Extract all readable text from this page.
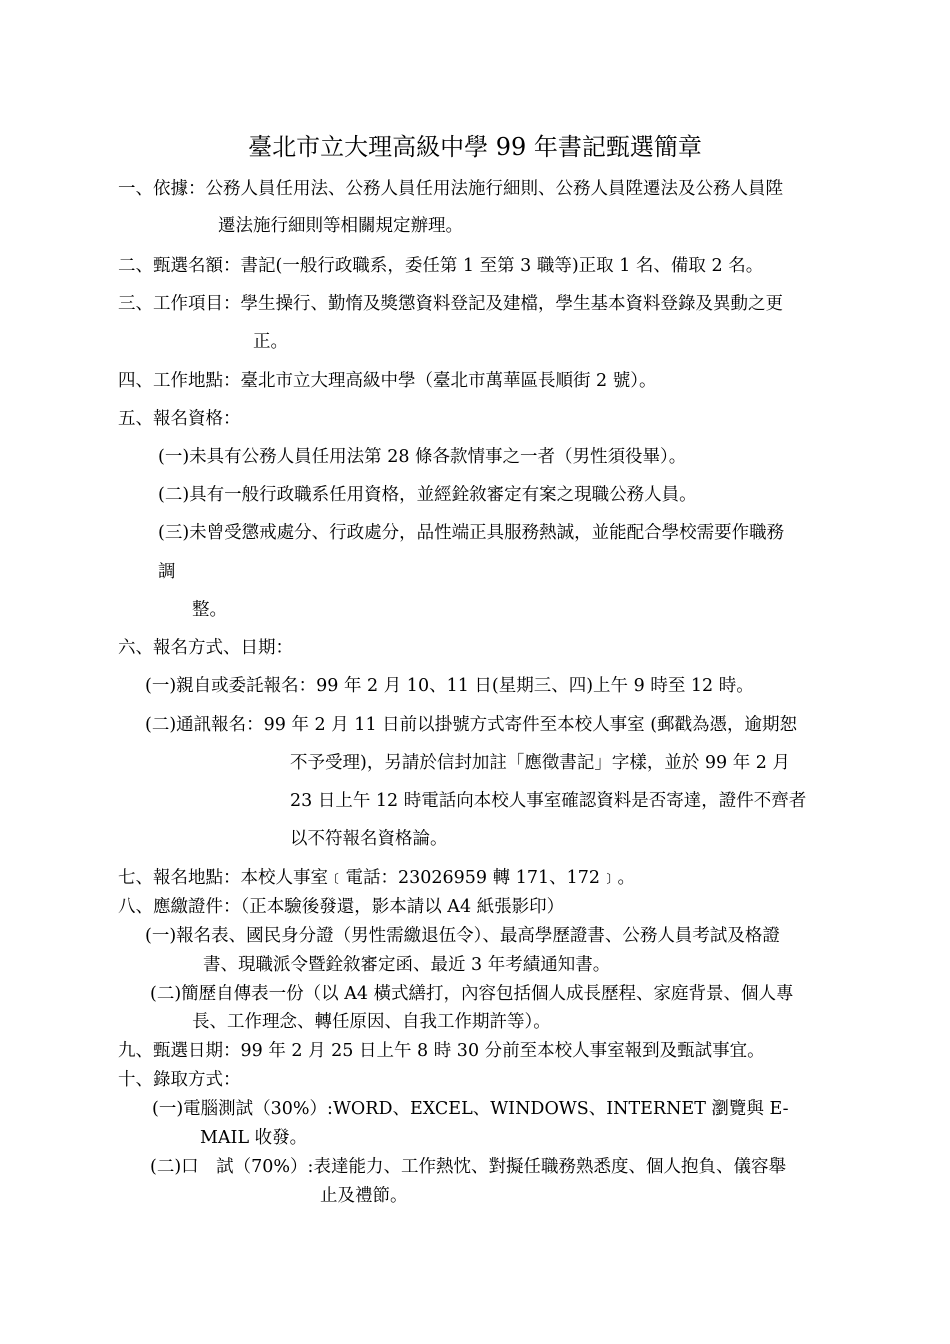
臺北市立大理高級中學 99 年書記甄選簡章
一、依據：公務人員任用法、公務人員任用法施行細則、公務人員陞遷法及公務人員陞
遷法施行細則等相關規定辦理。
二、甄選名額：書記(一般行政職系，委任第 1 至第 3 職等)正取 1 名、備取 2 名。
三、工作項目：學生操行、勤惰及獎懲資料登記及建檔，學生基本資料登錄及異動之更
正。
四、工作地點：臺北市立大理高級中學（臺北市萬華區長順街 2 號）。
五、報名資格：
(一)未具有公務人員任用法第 28 條各款情事之一者（男性須役畢）。
(二)具有一般行政職系任用資格，並經銓敘審定有案之現職公務人員。
(三)未曾受懲戒處分、行政處分，品性端正具服務熱誠，並能配合學校需要作職務
調
整。
六、報名方式、日期：
(一)親自或委託報名：99 年 2 月 10、11 日(星期三、四)上午 9 時至 12 時。
(二)通訊報名：99 年 2 月 11 日前以掛號方式寄件至本校人事室 (郵戳為憑，逾期恕
不予受理)，另請於信封加註「應徵書記」字樣，並於 99 年 2 月
23 日上午 12 時電話向本校人事室確認資料是否寄達，證件不齊者
以不符報名資格論。
七、報名地點：本校人事室﹝電話：23026959 轉 171、172﹞。
八、應繳證件：（正本驗後發還，影本請以 A4 紙張影印）
(一)報名表、國民身分證（男性需繳退伍令）、最高學歷證書、公務人員考試及格證
書、現職派令暨銓敘審定函、最近 3 年考績通知書。
(二)簡歷自傳表一份（以 A4 橫式繕打，內容包括個人成長歷程、家庭背景、個人專
長、工作理念、轉任原因、自我工作期許等）。
九、甄選日期：99 年 2 月 25 日上午 8 時 30 分前至本校人事室報到及甄試事宜。
十、錄取方式：
(一)電腦測試（30%）:WORD、EXCEL、WINDOWS、INTERNET 瀏覽與 E-
MAIL 收發。
(二)口　試（70%）:表達能力、工作熱忱、對擬任職務熟悉度、個人抱負、儀容舉
止及禮節。
